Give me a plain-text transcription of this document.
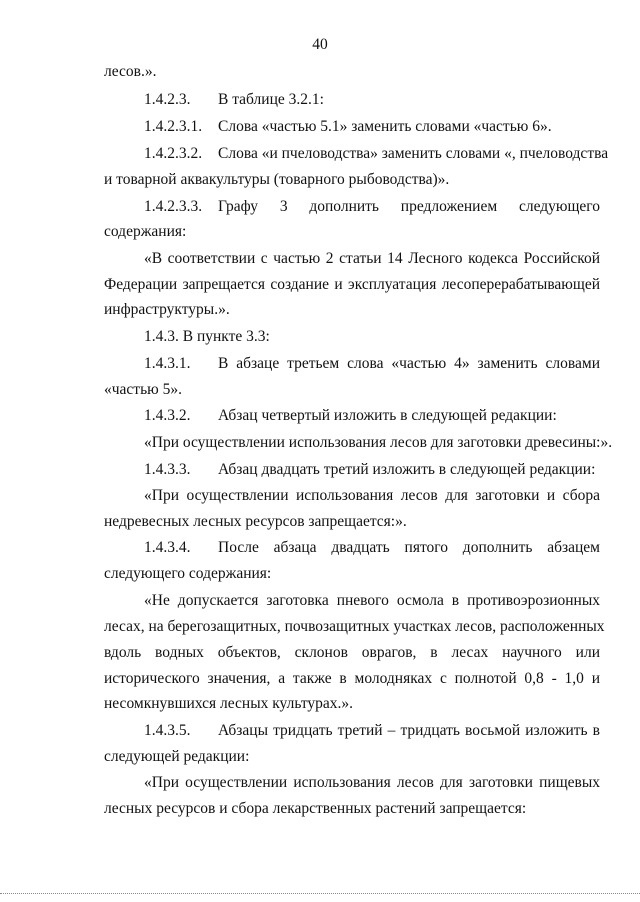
40
лесов.».
1.4.2.3. В таблице 3.2.1:
1.4.2.3.1. Слова «частью 5.1» заменить словами «частью 6».
1.4.2.3.2. Слова «и пчеловодства» заменить словами «, пчеловодства
и товарной аквакультуры (товарного рыбоводства)».
1.4.2.3.3. Графу 3 дополнить предложением следующего
содержания:
«В соответствии с частью 2 статьи 14 Лесного кодекса Российской
Федерации запрещается создание и эксплуатация лесоперерабатывающей
инфраструктуры.».
1.4.3. В пункте 3.3:
1.4.3.1. В абзаце третьем слова «частью 4» заменить словами
«частью 5».
1.4.3.2. Абзац четвертый изложить в следующей редакции:
«При осуществлении использования лесов для заготовки древесины:».
1.4.3.3. Абзац двадцать третий изложить в следующей редакции:
«При осуществлении использования лесов для заготовки и сбора
недревесных лесных ресурсов запрещается:».
1.4.3.4. После абзаца двадцать пятого дополнить абзацем
следующего содержания:
«Не допускается заготовка пневого осмола в противоэрозионных
лесах, на берегозащитных, почвозащитных участках лесов, расположенных
вдоль водных объектов, склонов оврагов, в лесах научного или
исторического значения, а также в молодняках с полнотой 0,8 - 1,0 и
несомкнувшихся лесных культурах.».
1.4.3.5. Абзацы тридцать третий – тридцать восьмой изложить в
следующей редакции:
«При осуществлении использования лесов для заготовки пищевых
лесных ресурсов и сбора лекарственных растений запрещается:
